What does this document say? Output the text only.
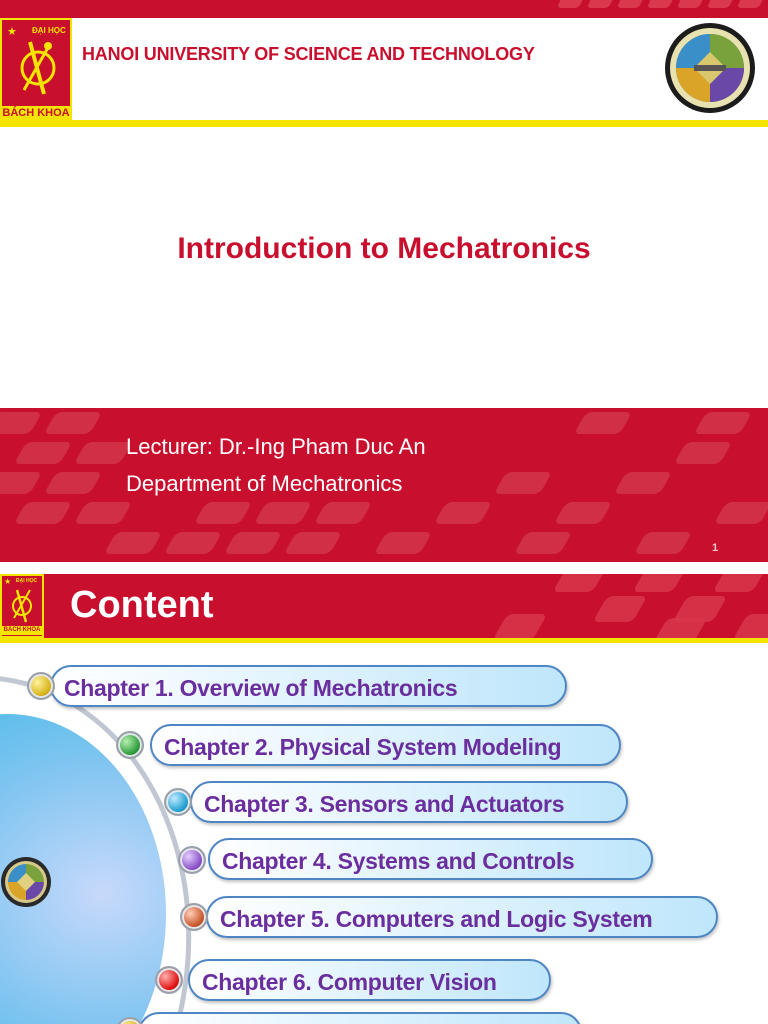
★ ĐẠI HỌC
BÁCH KHOA
HANOI UNIVERSITY OF SCIENCE AND TECHNOLOGY
Introduction to Mechatronics
Lecturer: Dr.-Ing Pham Duc An
Department of Mechatronics
1
★ ĐẠI HỌC
BÁCH KHOA
Content
Chapter 1. Overview of Mechatronics
Chapter 2. Physical System Modeling
Chapter 3. Sensors and Actuators
Chapter 4. Systems and Controls
Chapter 5. Computers and Logic System
Chapter 6. Computer Vision
